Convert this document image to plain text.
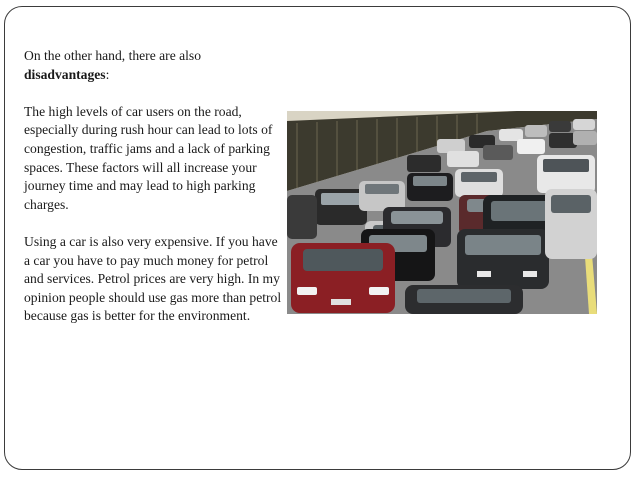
On the other hand, there are also
disadvantages:

The high levels of car users on the road, especially during rush hour can lead to lots of congestion, traffic jams and a lack of parking spaces. These factors will all increase your journey time and may lead to high parking charges.

Using a car is also very expensive. If you have a car you have to pay much money for petrol and services. Petrol prices are very high. In my opinion people should use gas more than petrol because gas is better for the environment.
